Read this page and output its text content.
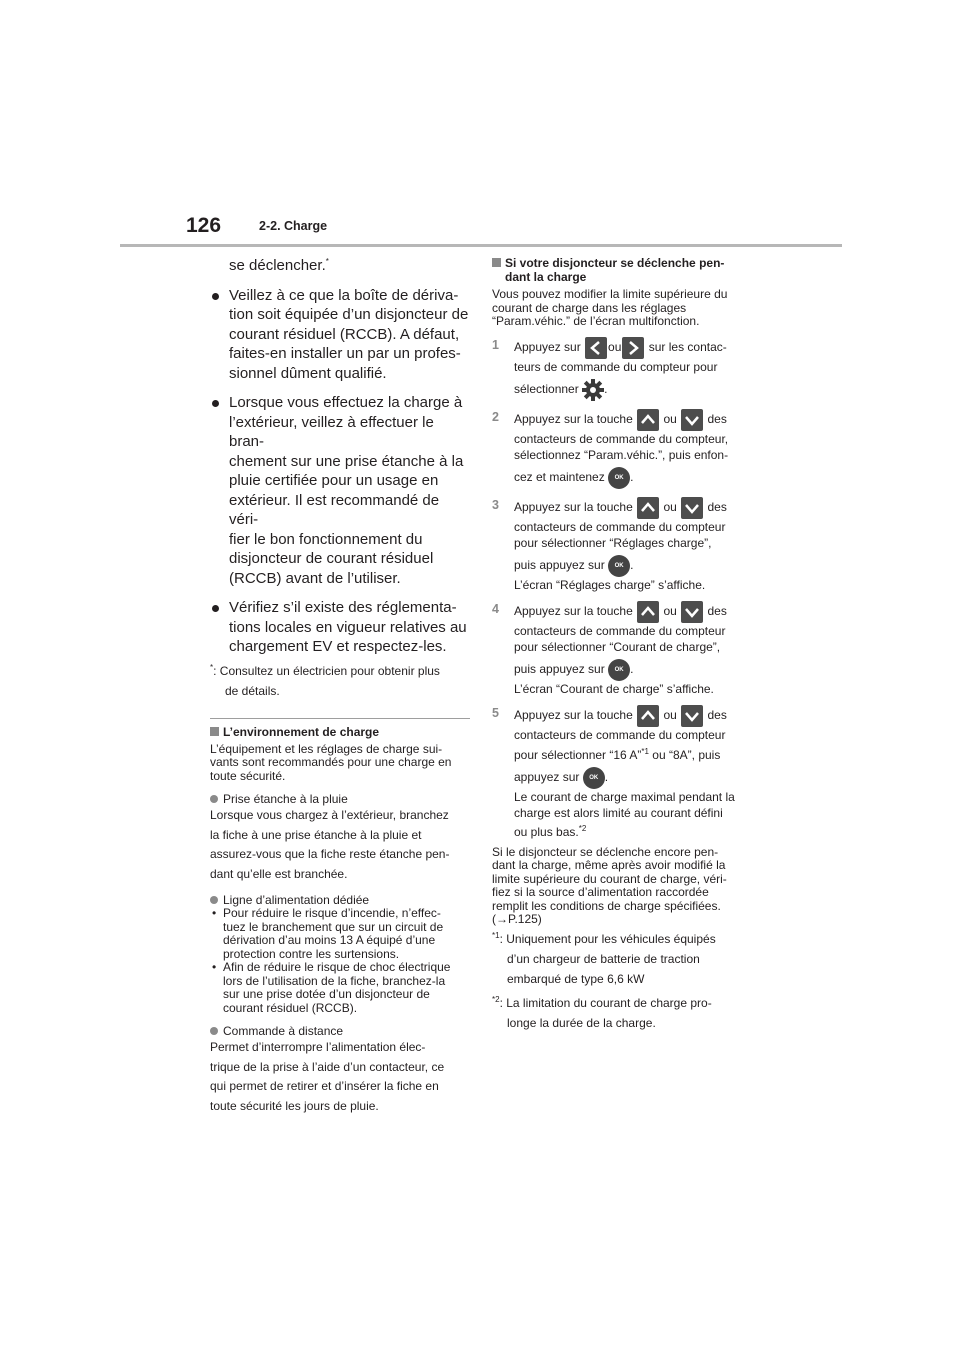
126	2-2. Charge
se déclencher.*
Veillez à ce que la boîte de dériva-
tion soit équipée d’un disjoncteur de
courant résiduel (RCCB). A défaut,
faites-en installer un par un profes-
sionnel dûment qualifié.
Lorsque vous effectuez la charge à
l’extérieur, veillez à effectuer le bran-
chement sur une prise étanche à la
pluie certifiée pour un usage en
extérieur. Il est recommandé de véri-
fier le bon fonctionnement du
disjoncteur de courant résiduel
(RCCB) avant de l’utiliser.
Vérifiez s’il existe des réglementa-
tions locales en vigueur relatives au
chargement EV et respectez-les.
*: Consultez un électricien pour obtenir plus
de détails.
L’environnement de charge
L’équipement et les réglages de charge sui-
vants sont recommandés pour une charge en
toute sécurité.
Prise étanche à la pluie
Lorsque vous chargez à l’extérieur, branchez
la fiche à une prise étanche à la pluie et
assurez-vous que la fiche reste étanche pen-
dant qu’elle est branchée.
Ligne d’alimentation dédiée
• Pour réduire le risque d’incendie, n’effec-
tuez le branchement que sur un circuit de
dérivation d’au moins 13 A équipé d’une
protection contre les surtensions.
• Afin de réduire le risque de choc électrique
lors de l’utilisation de la fiche, branchez-la
sur une prise dotée d’un disjoncteur de
courant résiduel (RCCB).
Commande à distance
Permet d’interrompre l’alimentation élec-
trique de la prise à l’aide d’un contacteur, ce
qui permet de retirer et d’insérer la fiche en
toute sécurité les jours de pluie.
Si votre disjoncteur se déclenche pen-
dant la charge
Vous pouvez modifier la limite supérieure du
courant de charge dans les réglages
“Param.véhic.” de l’écran multifonction.
1 Appuyez sur ou sur les contac-
teurs de commande du compteur pour
sélectionner .
2 Appuyez sur la touche	ou	des
contacteurs de commande du compteur,
sélectionnez “Param.véhic.”, puis enfon-
cez et maintenez OK .
3 Appuyez sur la touche	ou	des
contacteurs de commande du compteur
pour sélectionner “Réglages charge”,
puis appuyez sur OK .
L’écran “Réglages charge” s’affiche.
4 Appuyez sur la touche	ou	des
contacteurs de commande du compteur
pour sélectionner “Courant de charge”,
puis appuyez sur OK .
L’écran “Courant de charge” s’affiche.
5 Appuyez sur la touche	ou	des
contacteurs de commande du compteur
pour sélectionner “16 A”$^{*1}$ ou “8A”, puis
appuyez sur OK .
Le courant de charge maximal pendant la
charge est alors limité au courant défini
ou plus bas.$^{*2}$
Si le disjoncteur se déclenche encore pen-
dant la charge, même après avoir modifié la
limite supérieure du courant de charge, véri-
fiez si la source d’alimentation raccordée
remplit les conditions de charge spécifiées.
(→P.125)
$^{*1}$: Uniquement pour les véhicules équipés
d’un chargeur de batterie de traction
embarqué de type 6,6 kW
$^{*2}$: La limitation du courant de charge pro-
longe la durée de la charge.
